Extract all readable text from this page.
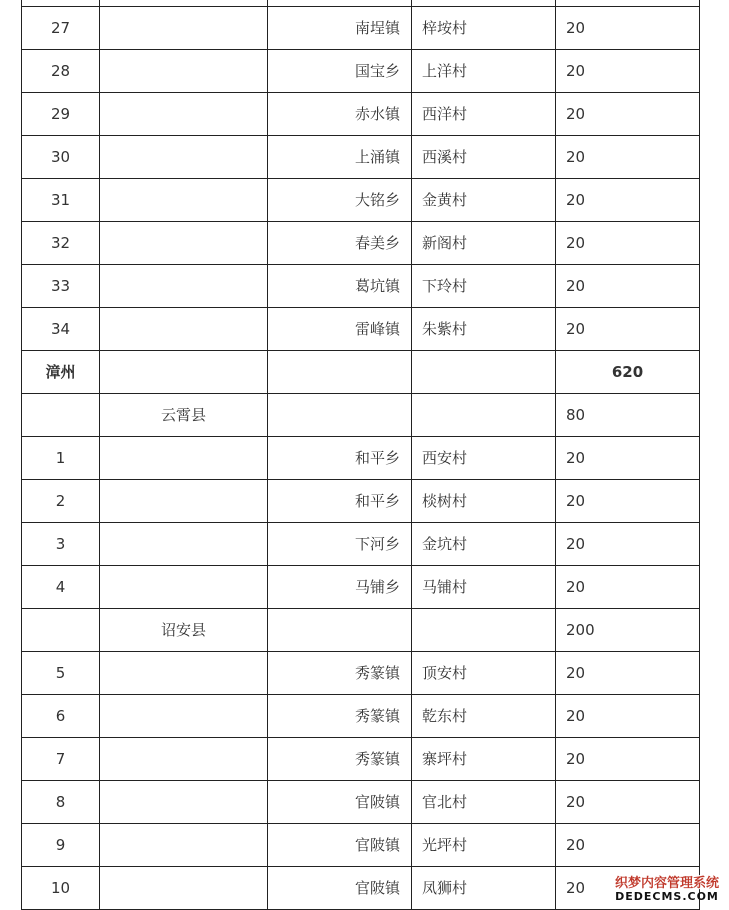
27		南埕镇	梓垵村	20
28		国宝乡	上洋村	20
29		赤水镇	西洋村	20
30		上涌镇	西溪村	20
31		大铭乡	金黄村	20
32		春美乡	新阁村	20
33		葛坑镇	下玲村	20
34		雷峰镇	朱紫村	20
漳州				620
	云霄县			80
1		和平乡	西安村	20
2		和平乡	棪树村	20
3		下河乡	金坑村	20
4		马铺乡	马铺村	20
	诏安县			200
5		秀篆镇	顶安村	20
6		秀篆镇	乾东村	20
7		秀篆镇	寨坪村	20
8		官陂镇	官北村	20
9		官陂镇	光坪村	20
10		官陂镇	凤狮村	20 织梦内容管理系统
DEDECMS.COM
